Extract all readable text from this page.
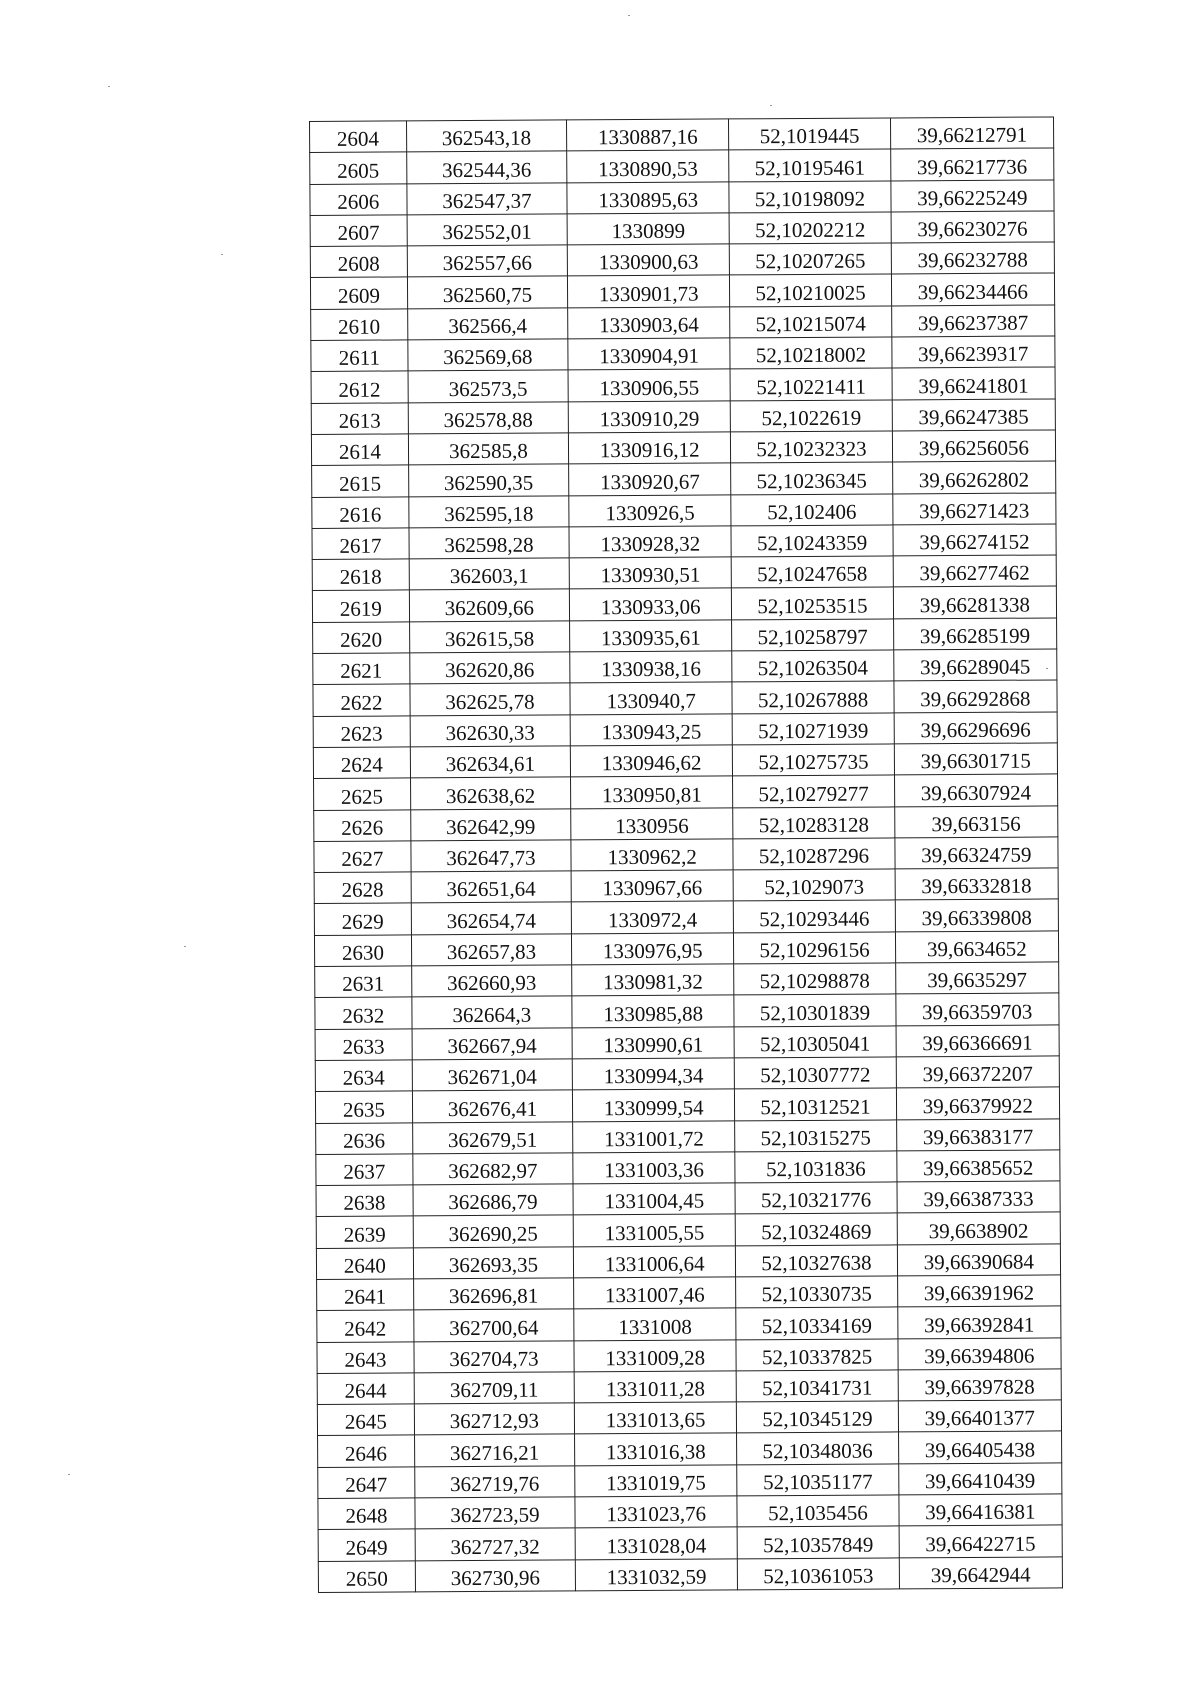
2604	362543,18	1330887,16	52,1019445	39,66212791
2605	362544,36	1330890,53	52,10195461	39,66217736
2606	362547,37	1330895,63	52,10198092	39,66225249
2607	362552,01	1330899	52,10202212	39,66230276
2608	362557,66	1330900,63	52,10207265	39,66232788
2609	362560,75	1330901,73	52,10210025	39,66234466
2610	362566,4	1330903,64	52,10215074	39,66237387
2611	362569,68	1330904,91	52,10218002	39,66239317
2612	362573,5	1330906,55	52,10221411	39,66241801
2613	362578,88	1330910,29	52,1022619	39,66247385
2614	362585,8	1330916,12	52,10232323	39,66256056
2615	362590,35	1330920,67	52,10236345	39,66262802
2616	362595,18	1330926,5	52,102406	39,66271423
2617	362598,28	1330928,32	52,10243359	39,66274152
2618	362603,1	1330930,51	52,10247658	39,66277462
2619	362609,66	1330933,06	52,10253515	39,66281338
2620	362615,58	1330935,61	52,10258797	39,66285199
2621	362620,86	1330938,16	52,10263504	39,66289045
2622	362625,78	1330940,7	52,10267888	39,66292868
2623	362630,33	1330943,25	52,10271939	39,66296696
2624	362634,61	1330946,62	52,10275735	39,66301715
2625	362638,62	1330950,81	52,10279277	39,66307924
2626	362642,99	1330956	52,10283128	39,663156
2627	362647,73	1330962,2	52,10287296	39,66324759
2628	362651,64	1330967,66	52,1029073	39,66332818
2629	362654,74	1330972,4	52,10293446	39,66339808
2630	362657,83	1330976,95	52,10296156	39,6634652
2631	362660,93	1330981,32	52,10298878	39,6635297
2632	362664,3	1330985,88	52,10301839	39,66359703
2633	362667,94	1330990,61	52,10305041	39,66366691
2634	362671,04	1330994,34	52,10307772	39,66372207
2635	362676,41	1330999,54	52,10312521	39,66379922
2636	362679,51	1331001,72	52,10315275	39,66383177
2637	362682,97	1331003,36	52,1031836	39,66385652
2638	362686,79	1331004,45	52,10321776	39,66387333
2639	362690,25	1331005,55	52,10324869	39,6638902
2640	362693,35	1331006,64	52,10327638	39,66390684
2641	362696,81	1331007,46	52,10330735	39,66391962
2642	362700,64	1331008	52,10334169	39,66392841
2643	362704,73	1331009,28	52,10337825	39,66394806
2644	362709,11	1331011,28	52,10341731	39,66397828
2645	362712,93	1331013,65	52,10345129	39,66401377
2646	362716,21	1331016,38	52,10348036	39,66405438
2647	362719,76	1331019,75	52,10351177	39,66410439
2648	362723,59	1331023,76	52,1035456	39,66416381
2649	362727,32	1331028,04	52,10357849	39,66422715
2650	362730,96	1331032,59	52,10361053	39,6642944
